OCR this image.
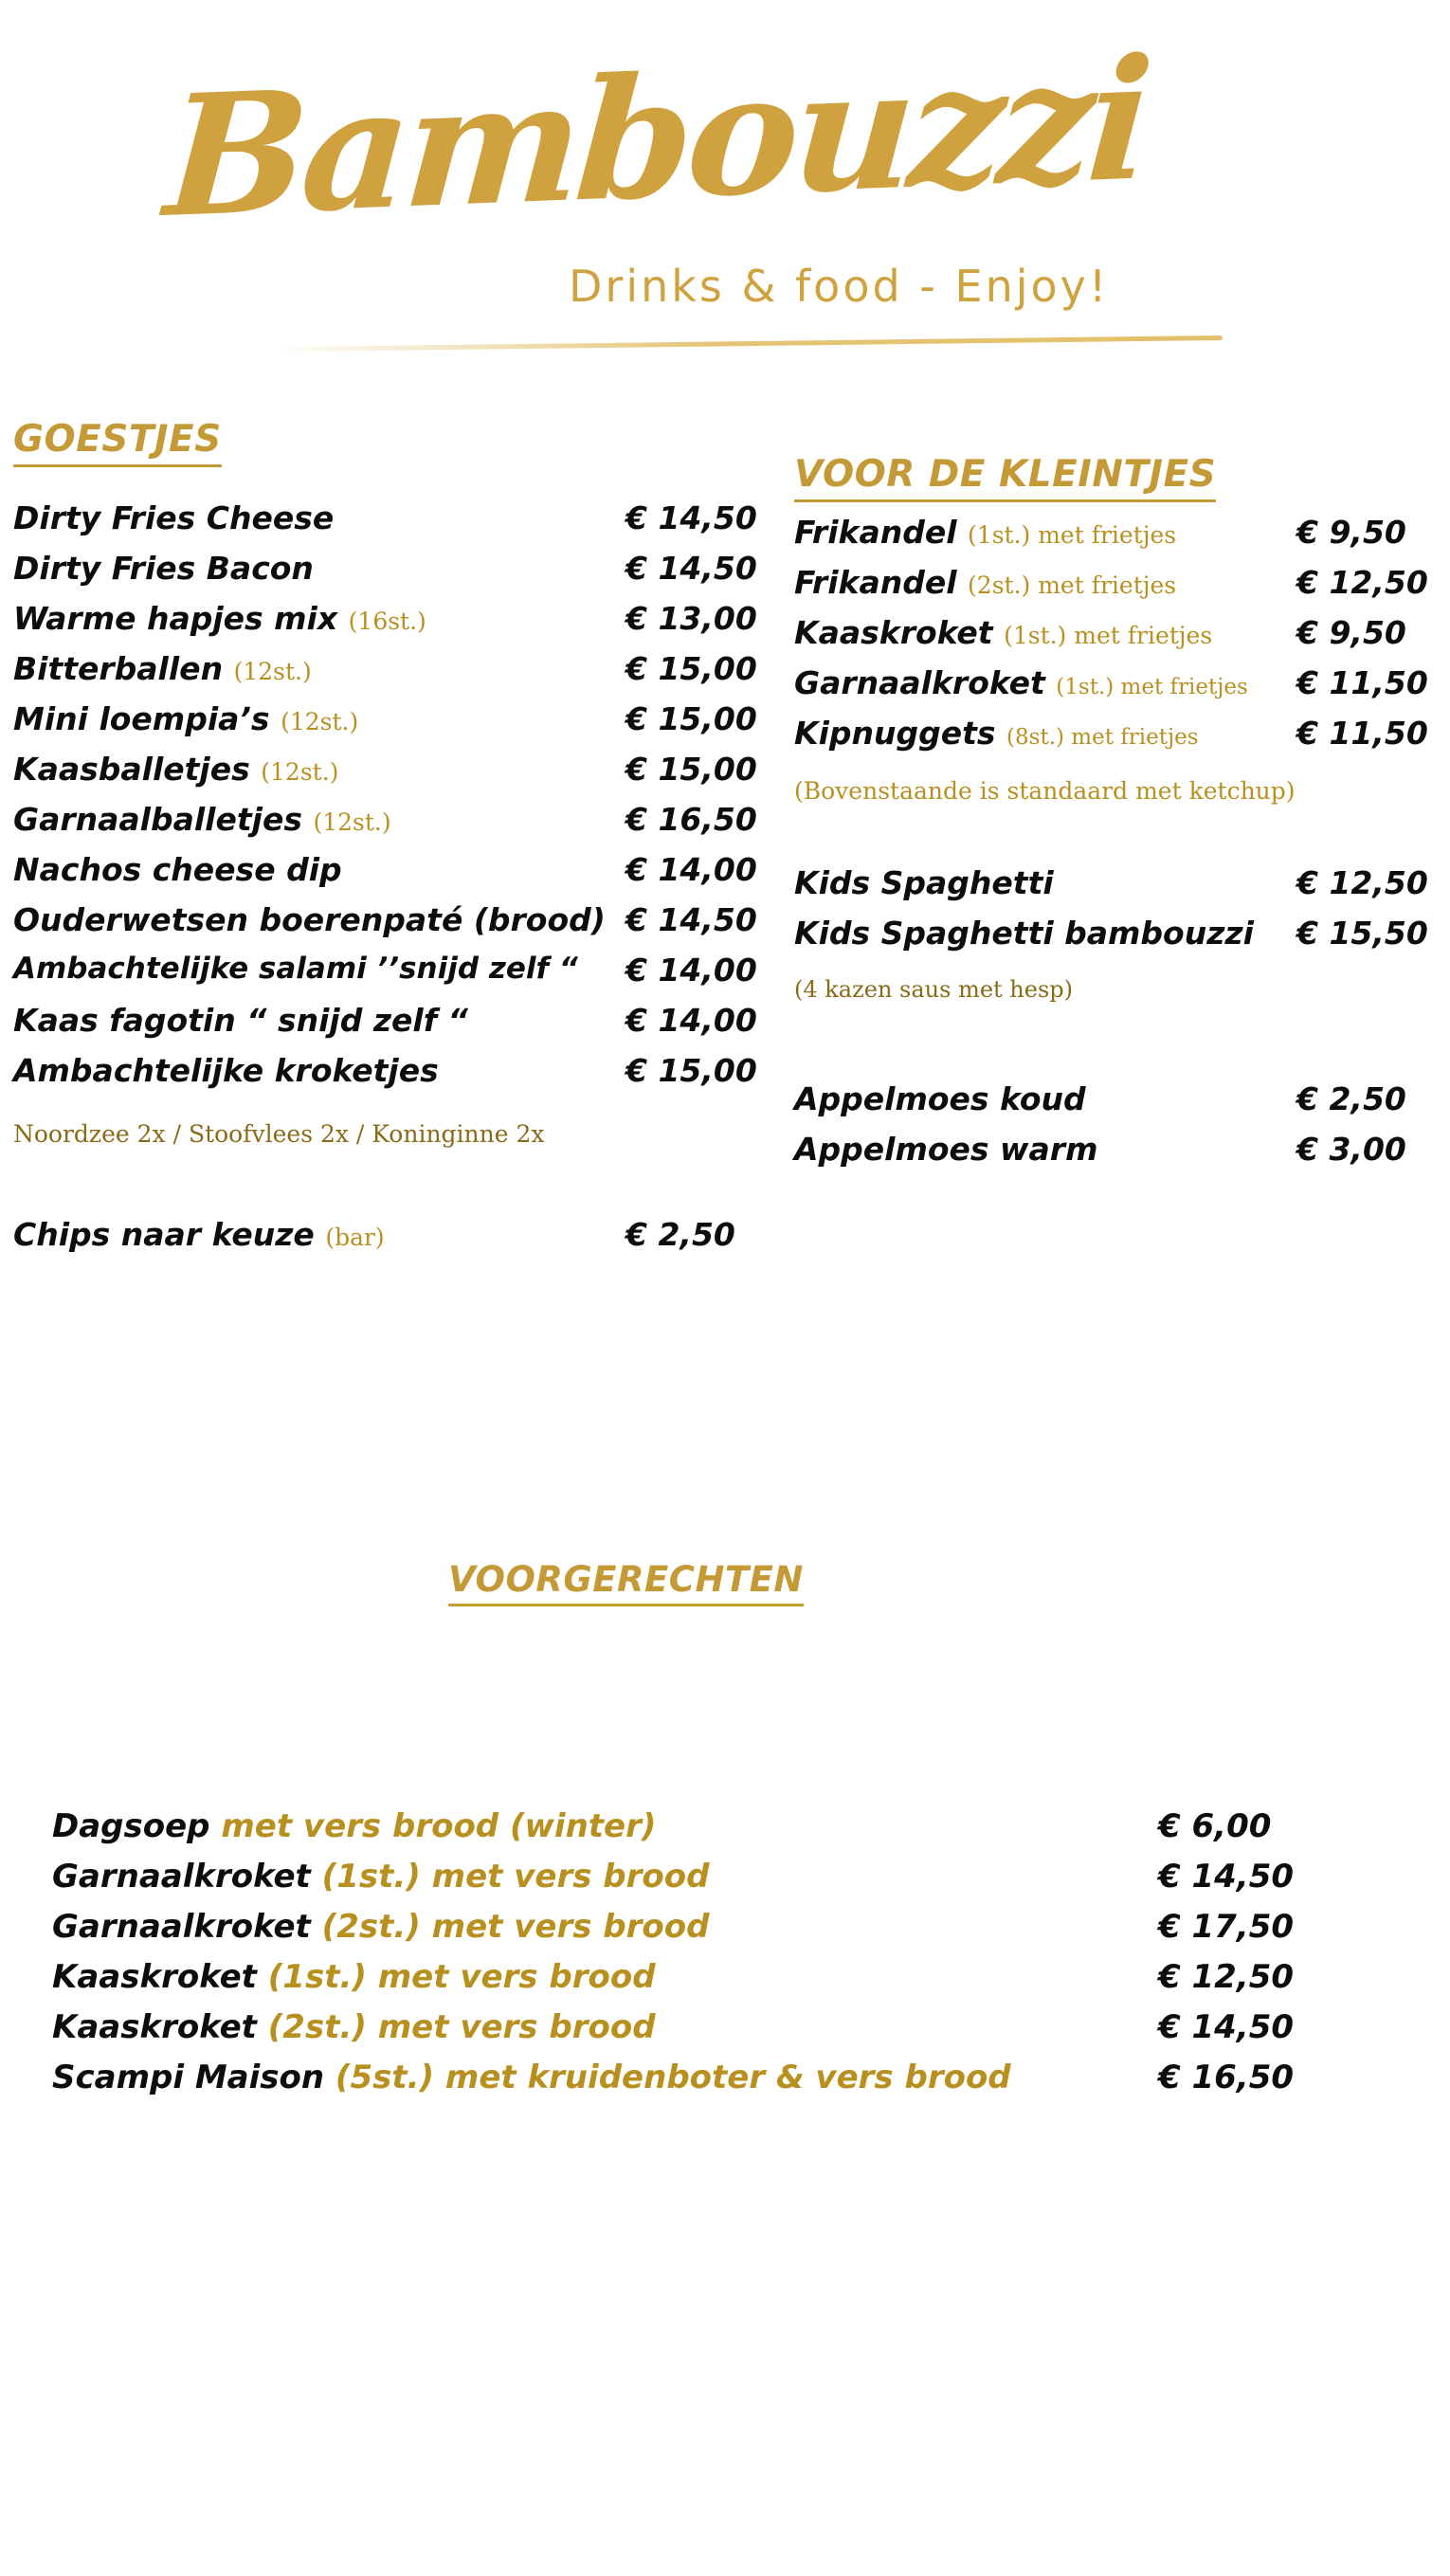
Bambouzzi
Drinks & food - Enjoy!
GOESTJES
Dirty Fries Cheese	€ 14,50
Dirty Fries Bacon	€ 14,50
Warme hapjes mix (16st.)	€ 13,00
Bitterballen (12st.)	€ 15,00
Mini loempia’s (12st.)	€ 15,00
Kaasballetjes (12st.)	€ 15,00
Garnaalballetjes (12st.)	€ 16,50
Nachos cheese dip	€ 14,00
Ouderwetsen boerenpaté (brood) € 14,50
Ambachtelijke salami ’’snijd zelf “ € 14,00
Kaas fagotin “ snijd zelf “	€ 14,00
Ambachtelijke kroketjes	€ 15,00
Noordzee 2x / Stoofvlees 2x / Koninginne 2x
Chips naar keuze (bar)	€ 2,50
VOOR DE KLEINTJES
Frikandel (1st.) met frietjes	€ 9,50
Frikandel (2st.) met frietjes	€ 12,50
Kaaskroket (1st.) met frietjes	€ 9,50
Garnaalkroket (1st.) met frietjes € 11,50
Kipnuggets (8st.) met frietjes	€ 11,50
(Bovenstaande is standaard met ketchup)
Kids Spaghetti	€ 12,50
Kids Spaghetti bambouzzi € 15,50
(4 kazen saus met hesp)
Appelmoes koud	€ 2,50
Appelmoes warm	€ 3,00
VOORGERECHTEN
Dagsoep met vers brood (winter)	€ 6,00
Garnaalkroket (1st.) met vers brood	€ 14,50
Garnaalkroket (2st.) met vers brood	€ 17,50
Kaaskroket (1st.) met vers brood	€ 12,50
Kaaskroket (2st.) met vers brood	€ 14,50
Scampi Maison (5st.) met kruidenboter & vers brood	€ 16,50
